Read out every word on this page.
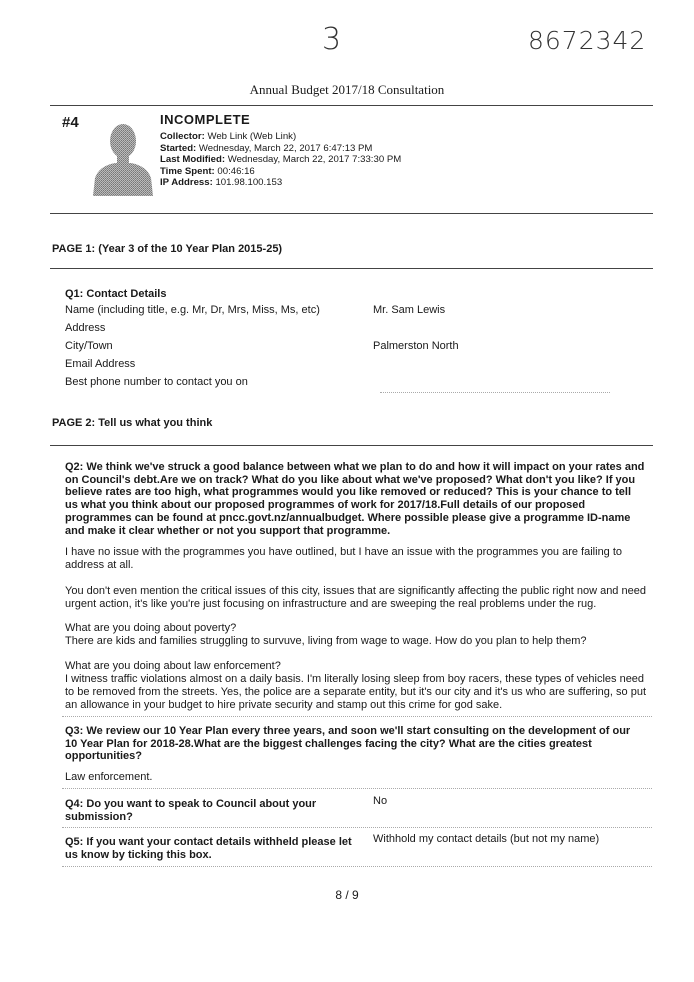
3	8672342
Annual Budget 2017/18 Consultation
#4	INCOMPLETE
Collector: Web Link (Web Link)
Started: Wednesday, March 22, 2017 6:47:13 PM
Last Modified: Wednesday, March 22, 2017 7:33:30 PM
Time Spent: 00:46:16
IP Address: 101.98.100.153
PAGE 1: (Year 3 of the 10 Year Plan 2015-25)
Q1: Contact Details
Name (including title, e.g. Mr, Dr, Mrs, Miss, Ms, etc)	Mr. Sam Lewis
Address
City/Town	Palmerston North
Email Address
Best phone number to contact you on
PAGE 2: Tell us what you think
Q2: We think we've struck a good balance between what we plan to do and how it will impact on your rates and
on Council's debt.Are we on track? What do you like about what we've proposed? What don't you like? If you
believe rates are too high, what programmes would you like removed or reduced? This is your chance to tell
us what you think about our proposed programmes of work for 2017/18.Full details of our proposed
programmes can be found at pncc.govt.nz/annualbudget. Where possible please give a programme ID-name
and make it clear whether or not you support that programme.
I have no issue with the programmes you have outlined, but I have an issue with the programmes you are failing to
address at all.
You don't even mention the critical issues of this city, issues that are significantly affecting the public right now and need
urgent action, it's like you're just focusing on infrastructure and are sweeping the real problems under the rug.
What are you doing about poverty?
There are kids and families struggling to survuve, living from wage to wage. How do you plan to help them?
What are you doing about law enforcement?
I witness traffic violations almost on a daily basis. I'm literally losing sleep from boy racers, these types of vehicles need
to be removed from the streets. Yes, the police are a separate entity, but it's our city and it's us who are suffering, so put
an allowance in your budget to hire private security and stamp out this crime for god sake.
Q3: We review our 10 Year Plan every three years, and soon we'll start consulting on the development of our
10 Year Plan for 2018-28.What are the biggest challenges facing the city? What are the cities greatest
opportunities?
Law enforcement.
Q4: Do you want to speak to Council about your
submission?
No
Q5: If you want your contact details withheld please let
us know by ticking this box.
Withhold my contact details (but not my name)
8 / 9
